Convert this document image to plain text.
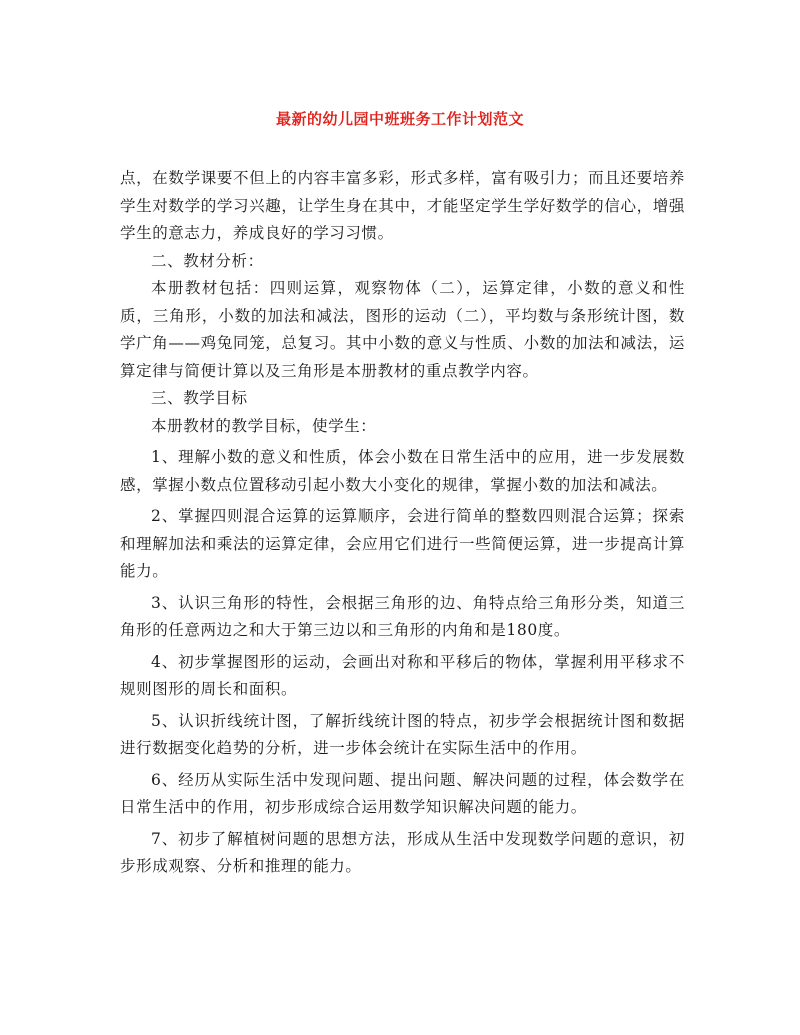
最新的幼儿园中班班务工作计划范文

点，在数学课要不但上的内容丰富多彩，形式多样，富有吸引力；而且还要培养学生对数学的学习兴趣，让学生身在其中，才能坚定学生学好数学的信心，增强学生的意志力，养成良好的学习习惯。

二、教材分析：

本册教材包括：四则运算，观察物体（二），运算定律，小数的意义和性质，三角形，小数的加法和减法，图形的运动（二），平均数与条形统计图，数学广角——鸡兔同笼，总复习。其中小数的意义与性质、小数的加法和减法，运算定律与简便计算以及三角形是本册教材的重点教学内容。

三、教学目标

本册教材的教学目标，使学生：

1、理解小数的意义和性质，体会小数在日常生活中的应用，进一步发展数感，掌握小数点位置移动引起小数大小变化的规律，掌握小数的加法和减法。

2、掌握四则混合运算的运算顺序，会进行简单的整数四则混合运算；探索和理解加法和乘法的运算定律，会应用它们进行一些简便运算，进一步提高计算能力。

3、认识三角形的特性，会根据三角形的边、角特点给三角形分类，知道三角形的任意两边之和大于第三边以和三角形的内角和是180度。

4、初步掌握图形的运动，会画出对称和平移后的物体，掌握利用平移求不规则图形的周长和面积。

5、认识折线统计图，了解折线统计图的特点，初步学会根据统计图和数据进行数据变化趋势的分析，进一步体会统计在实际生活中的作用。

6、经历从实际生活中发现问题、提出问题、解决问题的过程，体会数学在日常生活中的作用，初步形成综合运用数学知识解决问题的能力。

7、初步了解植树问题的思想方法，形成从生活中发现数学问题的意识，初步形成观察、分析和推理的能力。
